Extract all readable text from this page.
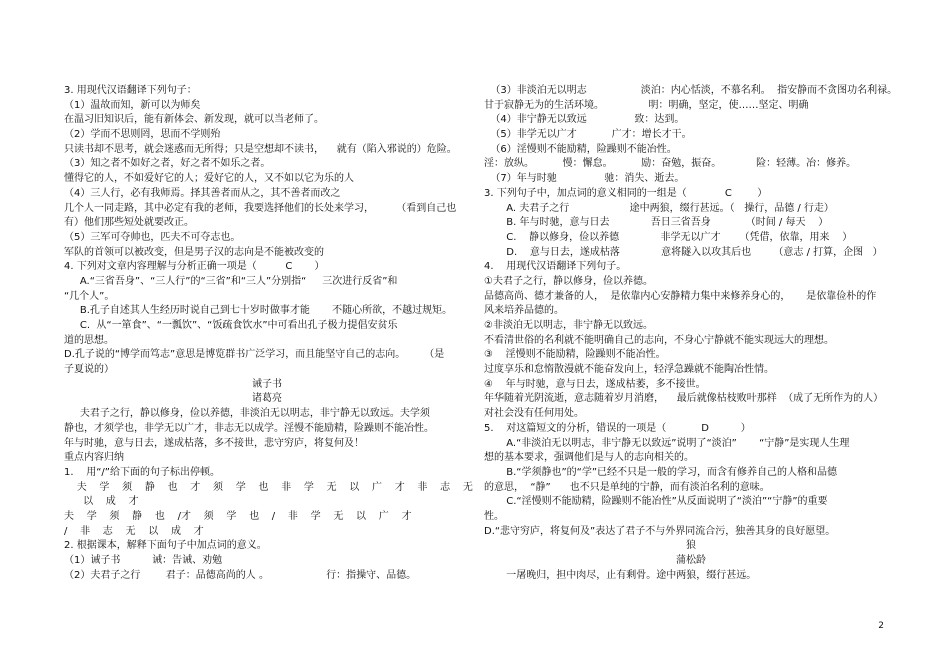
3. 用现代汉语翻译下列句子：
（1）温故而知，新可以为师矣
在温习旧知识后，能有新体会、新发现，就可以当老师了。
（2）学而不思则罔，思而不学则殆
只读书却不思考，就会迷惑而无所得；只是空想却不读书，    就有（陷入邪说的）危险。
（3）知之者不如好之者，好之者不如乐之者。
懂得它的人，不如爱好它的人；爱好它的人，又不如以它为乐的人
（4）三人行，必有我师焉。择其善者而从之，其不善者而改之
几个人一同走路，其中必定有我的老师，我要选择他们的长处来学习，       （看到自己也
有）他们那些短处就要改正。
（5）三军可夺帅也，匹夫不可夺志也。
军队的首领可以被改变，但是男子汉的志向是不能被改变的
4. 下列对文章内容理解与分析正确一项是（         C       ）
A.“三省吾身”、“三人行”的“三省”和“三人”分别指“     三次进行反省”和
“几个人”。
B.孔子自述其人生经历时说自己到七十岁时做事才能       不随心所欲，不越过规矩。
C.  从“一箪食”、“一瓢饮”、“饭疏食饮水”中可看出孔子极力提倡安贫乐
道的思想。
D.孔子说的“博学而笃志”意思是博览群书广泛学习，而且能坚守自己的志向。      （是
子夏说的）
诫子书
诸葛亮
夫君子之行，静以修身，俭以养德，非淡泊无以明志，非宁静无以致远。夫学须
静也，才须学也，非学无以广才，非志无以成学。淫慢不能励精，险躁则不能冶性。
年与时驰，意与日去，遂成枯落，多不接世，悲守穷庐，将复何及！
重点内容归纳
1.    用“/”给下面的句子标出停顿。
夫    学    须    静    也    才    须    学    也    非    学    无    以    广    才    非    志    无
以    成    才
夫    学    须    静    也    /才    须    学    也    /    非    学    无    以    广    才
/    非    志    无    以    成    才
2. 根据课本，解释下面句子中加点词的意义。
（1）诫子书          诫：告诫、劝勉
（2）夫君子之行        君子：品德高尚的人 。                  行：指操守、品德。
（3）非淡泊无以明志                 淡泊：内心恬淡，不慕名利。  指安静而不贪图功名利禄。
甘于寂静无为的生活环境。              明：明确，坚定，使……坚定、明确
（4）非宁静无以致远               致：达到。
（5）非学无以广才           广才：增长才干。
（6）淫慢则不能励精，险躁则不能冶性。
淫：放纵。         慢：懈怠。         励：奋勉，振奋。           险：轻薄。冶：修养。
（7）年与时驰               驰：消失、逝去。
3. 下列句子中，加点词的意义相同的一组是（            C        ）
A. 夫君子之行                   途中两狼，缀行甚远。（   操行，品德 / 行走）
B. 年与时驰，意与日去             吾日三省吾身           （时间 / 每天    ）
C.    静以修身，俭以养德             非学无以广才      （凭借，依靠，用来    ）
D.    意与日去，遂成枯落             意将隧入以攻其后也       （意志 / 打算，企图   ）
4.    用现代汉语翻译下列句子。
①夫君子之行，静以修身，俭以养德。
品德高尚、德才兼备的人，  是依靠内心安静精力集中来修养身心的，     是依靠俭朴的作
风来培养品德的。
②非淡泊无以明志，非宁静无以致远。
不看清世俗的名利就不能明确自己的志向，不身心宁静就不能实现远大的理想。
③    淫慢则不能励精，险躁则不能冶性。
过度享乐和怠惰散漫就不能奋发向上，轻浮急躁就不能陶冶性情。
④    年与时驰，意与日去，遂成枯萎，多不接世。
年华随着光阴流逝，意志随着岁月消磨，    最后就像枯枝败叶那样  （成了无所作为的人）
对社会没有任何用处。
5.    对这篇短文的分析，错误的一项是（           D          ）
A.“非淡泊无以明志，非宁静无以致远”说明了“淡泊”       “宁静”是实现人生理
想的基本要求，强调他们是与人的志向相关的。
B.“学须静也”的“学”已经不只是一般的学习，而含有修养自己的人格和品德
的意思，  “静”      也不只是单纯的宁静，而有淡泊名利的意味。
C.“淫慢则不能励精，险躁则不能冶性”从反面说明了“淡泊”“宁静”的重要
性。
D.“悲守穷庐，将复何及”表达了君子不与外界同流合污，独善其身的良好愿望。
狼
蒲松龄
一屠晚归，担中肉尽，止有剩骨。途中两狼，缀行甚远。
2
